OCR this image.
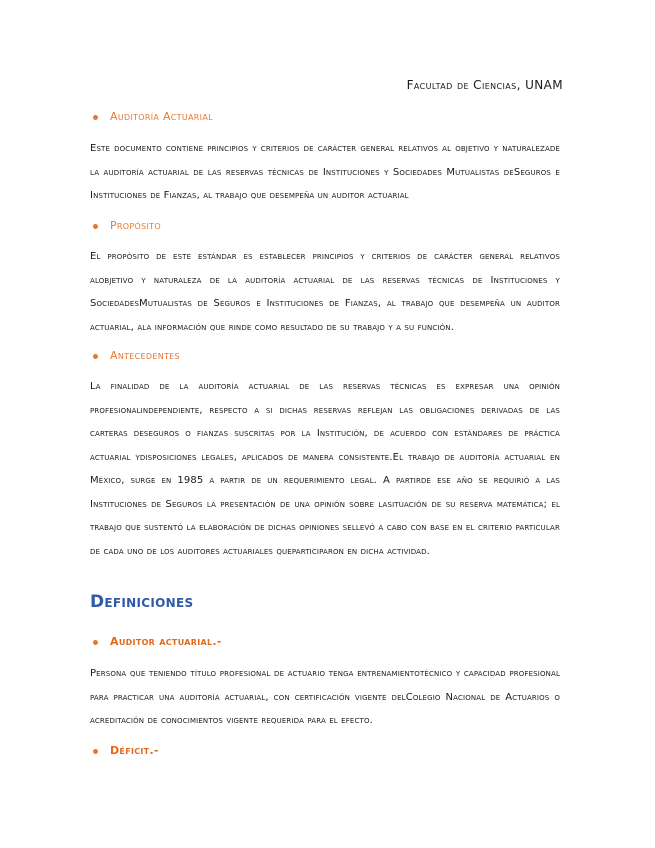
Facultad de Ciencias, UNAM
Auditoría Actuarial
Este documento contiene principios y criterios de carácter general relativos al objetivo y naturalezade la auditoría actuarial de las reservas técnicas de Instituciones y Sociedades Mutualistas deSeguros e Instituciones de Fianzas, al trabajo que desempeña un auditor actuarial
Propósito
El propósito de este estándar es establecer principios y criterios de carácter general relativos alobjetivo y naturaleza de la auditoría actuarial de las reservas técnicas de Instituciones y SociedadesMutualistas de Seguros e Instituciones de Fianzas, al trabajo que desempeña un auditor actuarial, ala información que rinde como resultado de su trabajo y a su función.
Antecedentes
La finalidad de la auditoría actuarial de las reservas técnicas es expresar una opinión profesionalindependiente, respecto a si dichas reservas reflejan las obligaciones derivadas de las carteras deseguros o fianzas suscritas por la Institución, de acuerdo con estándares de práctica actuarial ydisposiciones legales, aplicados de manera consistente.El trabajo de auditoría actuarial en México, surge en 1985 a partir de un requerimiento legal. A partirde ese año se requirió a las Instituciones de Seguros la presentación de una opinión sobre lasituación de su reserva matemática; el trabajo que sustentó la elaboración de dichas opiniones sellevó a cabo con base en el criterio particular de cada uno de los auditores actuariales queparticiparon en dicha actividad.
Definiciones
Auditor actuarial.-
Persona que teniendo título profesional de actuario tenga entrenamientotécnico y capacidad profesional para practicar una auditoría actuarial, con certificación vigente delColegio Nacional de Actuarios o acreditación de conocimientos vigente requerida para el efecto.
Déficit.-
